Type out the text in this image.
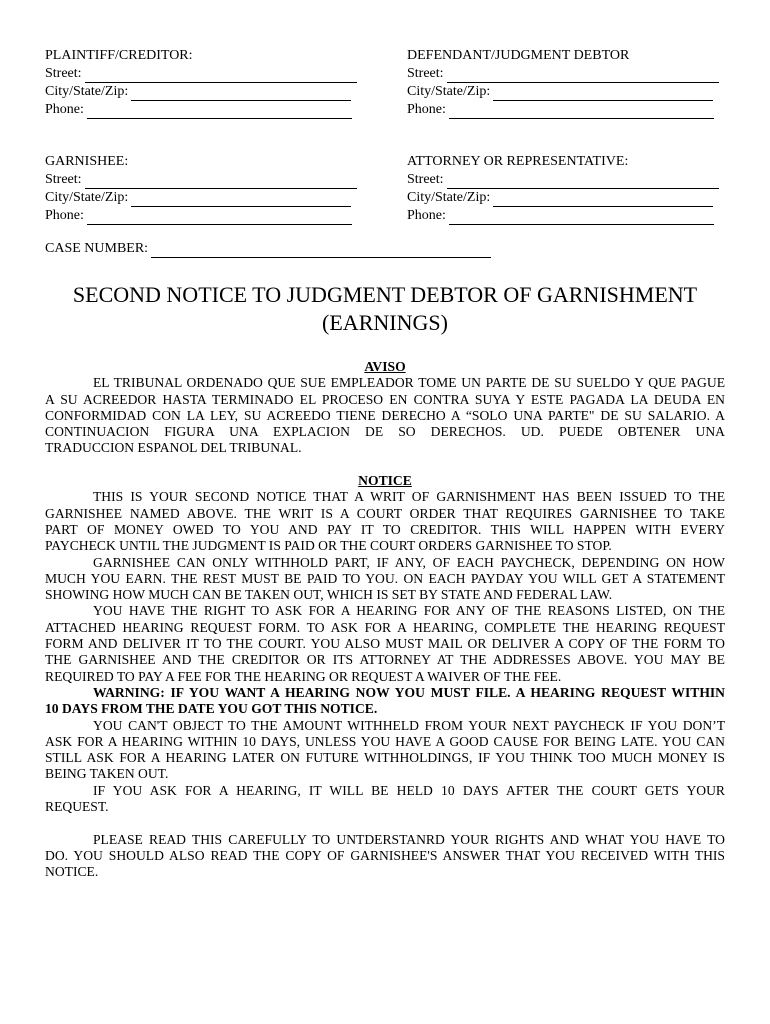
PLAINTIFF/CREDITOR:
Street:
City/State/Zip:
Phone:
DEFENDANT/JUDGMENT DEBTOR
Street:
City/State/Zip:
Phone:
GARNISHEE:
Street:
City/State/Zip:
Phone:
ATTORNEY OR REPRESENTATIVE:
Street:
City/State/Zip:
Phone:
CASE NUMBER:
SECOND NOTICE TO JUDGMENT DEBTOR OF GARNISHMENT
(EARNINGS)
AVISO
EL TRIBUNAL ORDENADO QUE SUE EMPLEADOR TOME UN PARTE DE SU SUELDO Y QUE PAGUE
A SU ACREEDOR HASTA TERMINADO EL PROCESO EN CONTRA SUYA Y ESTE PAGADA LA DEUDA EN
CONFORMIDAD CON LA LEY, SU ACREEDO TIENE DERECHO A “SOLO UNA PARTE" DE SU SALARIO. A
CONTINUACION FIGURA UNA EXPLACION DE SO DERECHOS. UD. PUEDE OBTENER UNA
TRADUCCION ESPANOL DEL TRIBUNAL.
NOTICE
THIS IS YOUR SECOND NOTICE THAT A WRIT OF GARNISHMENT HAS BEEN ISSUED TO THE
GARNISHEE NAMED ABOVE. THE WRIT IS A COURT ORDER THAT REQUIRES GARNISHEE TO TAKE
PART OF MONEY OWED TO YOU AND PAY IT TO CREDITOR. THIS WILL HAPPEN WITH EVERY
PAYCHECK UNTIL THE JUDGMENT IS PAID OR THE COURT ORDERS GARNISHEE TO STOP.
GARNISHEE CAN ONLY WITHHOLD PART, IF ANY, OF EACH PAYCHECK, DEPENDING ON HOW
MUCH YOU EARN. THE REST MUST BE PAID TO YOU. ON EACH PAYDAY YOU WILL GET A STATEMENT
SHOWING HOW MUCH CAN BE TAKEN OUT, WHICH IS SET BY STATE AND FEDERAL LAW.
YOU HAVE THE RIGHT TO ASK FOR A HEARING FOR ANY OF THE REASONS LISTED, ON THE
ATTACHED HEARING REQUEST FORM. TO ASK FOR A HEARING, COMPLETE THE HEARING REQUEST
FORM AND DELIVER IT TO THE COURT. YOU ALSO MUST MAIL OR DELIVER A COPY OF THE FORM TO
THE GARNISHEE AND THE CREDITOR OR ITS ATTORNEY AT THE ADDRESSES ABOVE. YOU MAY BE
REQUIRED TO PAY A FEE FOR THE HEARING OR REQUEST A WAIVER OF THE FEE.
WARNING: IF YOU WANT A HEARING NOW YOU MUST FILE. A HEARING REQUEST WITHIN
10 DAYS FROM THE DATE YOU GOT THIS NOTICE.
YOU CAN'T OBJECT TO THE AMOUNT WITHHELD FROM YOUR NEXT PAYCHECK IF YOU DON’T
ASK FOR A HEARING WITHIN 10 DAYS, UNLESS YOU HAVE A GOOD CAUSE FOR BEING LATE. YOU CAN
STILL ASK FOR A HEARING LATER ON FUTURE WITHHOLDINGS, IF YOU THINK TOO MUCH MONEY IS
BEING TAKEN OUT.
IF YOU ASK FOR A HEARING, IT WILL BE HELD 10 DAYS AFTER THE COURT GETS YOUR
REQUEST.
PLEASE READ THIS CAREFULLY TO UNTDERSTANRD YOUR RIGHTS AND WHAT YOU HAVE TO
DO. YOU SHOULD ALSO READ THE COPY OF GARNISHEE'S ANSWER THAT YOU RECEIVED WITH THIS
NOTICE.
